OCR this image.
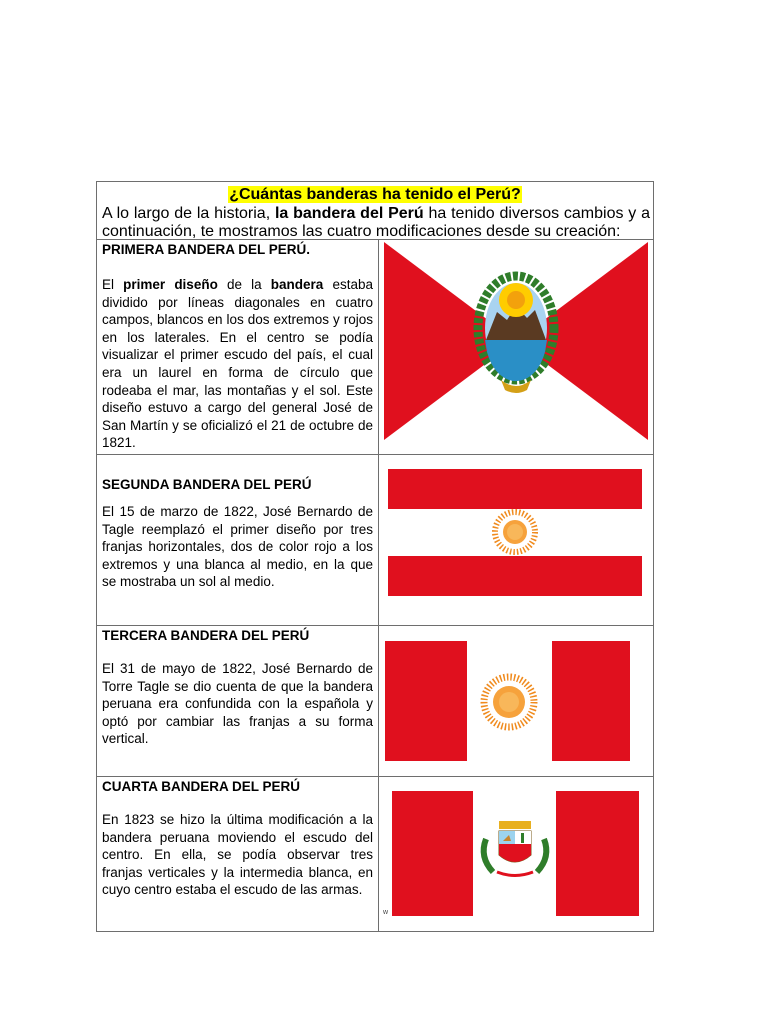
¿Cuántas banderas ha tenido el Perú?
A lo largo de la historia, la bandera del Perú ha tenido diversos cambios y a continuación, te mostramos las cuatro modificaciones desde su creación:

PRIMERA BANDERA DEL PERÚ.

El primer diseño de la bandera estaba dividido por líneas diagonales en cuatro campos, blancos en los dos extremos y rojos en los laterales. En el centro se podía visualizar el primer escudo del país, el cual era un laurel en forma de círculo que rodeaba el mar, las montañas y el sol. Este diseño estuvo a cargo del general José de San Martín y se oficializó el 21 de octubre de 1821.

SEGUNDA BANDERA DEL PERÚ

El 15 de marzo de 1822, José Bernardo de Tagle reemplazó el primer diseño por tres franjas horizontales, dos de color rojo a los extremos y una blanca al medio, en la que se mostraba un sol al medio.

TERCERA BANDERA DEL PERÚ

El 31 de mayo de 1822, José Bernardo de Torre Tagle se dio cuenta de que la bandera peruana era confundida con la española y optó por cambiar las franjas a su forma vertical.

CUARTA BANDERA DEL PERÚ

En 1823 se hizo la última modificación a la bandera peruana moviendo el escudo del centro. En ella, se podía observar tres franjas verticales y la intermedia blanca, en cuyo centro estaba el escudo de las armas.

w
